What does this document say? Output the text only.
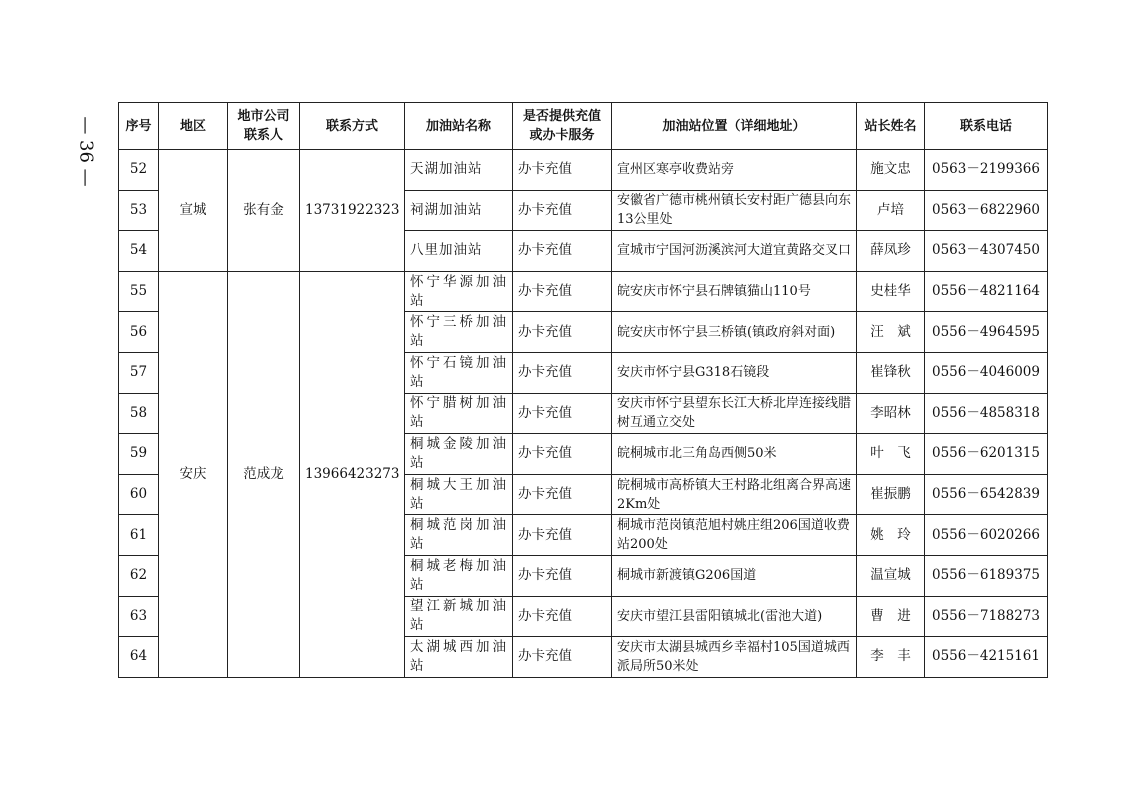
— 36 — 序号	地区	地市公司联系人	联系方式	加油站名称	是否提供充值或办卡服务	加油站位置（详细地址）	站长姓名	联系电话
52	宣城	张有金	13731922323	天湖加油站	办卡充值	宣州区寒亭收费站旁	施文忠	0563－2199366
53				祠湖加油站	办卡充值	安徽省广德市桃州镇长安村距广德县向东13公里处	卢培	0563－6822960
54				八里加油站	办卡充值	宣城市宁国河沥溪滨河大道宜黄路交叉口	薛凤珍	0563－4307450
55	安庆	范成龙	13966423273	怀宁华源加油站	办卡充值	皖安庆市怀宁县石牌镇猫山110号	史桂华	0556－4821164
56				怀宁三桥加油站	办卡充值	皖安庆市怀宁县三桥镇(镇政府斜对面)	汪　斌	0556－4964595
57				怀宁石镜加油站	办卡充值	安庆市怀宁县G318石镜段	崔锋秋	0556－4046009
58				怀宁腊树加油站	办卡充值	安庆市怀宁县望东长江大桥北岸连接线腊树互通立交处	李昭林	0556－4858318
59				桐城金陵加油站	办卡充值	皖桐城市北三角岛西侧50米	叶　飞	0556－6201315
60				桐城大王加油站	办卡充值	皖桐城市高桥镇大王村路北组离合界高速2Km处	崔振鹏	0556－6542839
61				桐城范岗加油站	办卡充值	桐城市范岗镇范旭村姚庄组206国道收费站200处	姚　玲	0556－6020266
62				桐城老梅加油站	办卡充值	桐城市新渡镇G206国道	温宣城	0556－6189375
63				望江新城加油站	办卡充值	安庆市望江县雷阳镇城北(雷池大道)	曹　进	0556－7188273
64				太湖城西加油站	办卡充值	安庆市太湖县城西乡幸福村105国道城西派局所50米处	李　丰	0556－4215161
